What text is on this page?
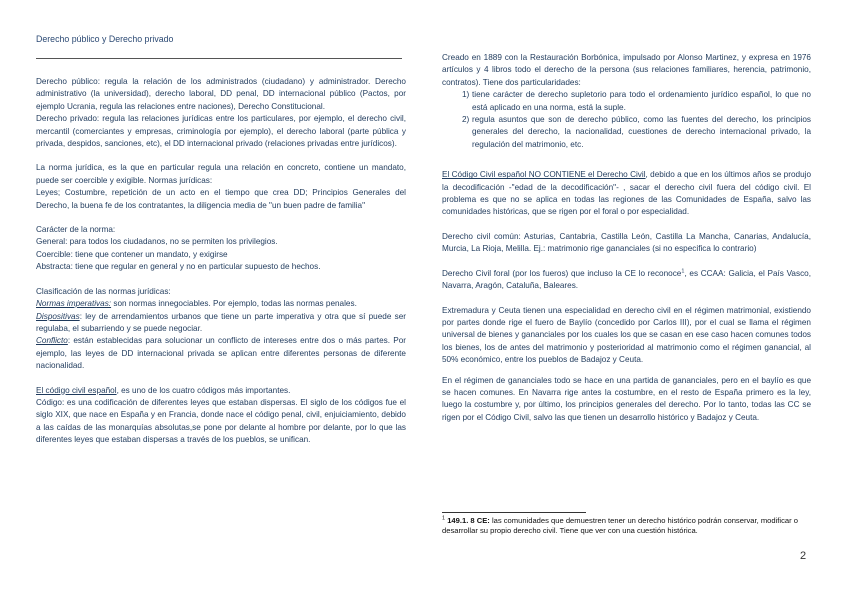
Derecho público y Derecho privado

Derecho público: regula la relación de los administrados (ciudadano) y administrador. Derecho administrativo (la universidad), derecho laboral, DD penal, DD internacional público (Pactos, por ejemplo Ucrania, regula las relaciones entre naciones), Derecho Constitucional.

Derecho privado: regula las relaciones jurídicas entre los particulares, por ejemplo, el derecho civil, mercantil (comerciantes y empresas, criminología por ejemplo), el derecho laboral (parte pública y privada, despidos, sanciones, etc), el DD internacional privado (relaciones privadas entre jurídicos).

La norma jurídica, es la que en particular regula una relación en concreto, contiene un mandato, puede ser coercible y exigible. Normas jurídicas:

Leyes; Costumbre, repetición de un acto en el tiempo que crea DD; Principios Generales del Derecho, la buena fe de los contratantes, la diligencia media de "un buen padre de familia"

Carácter de la norma:

General: para todos los ciudadanos, no se permiten los privilegios.

Coercible: tiene que contener un mandato, y exigirse

Abstracta: tiene que regular en general y no en particular supuesto de hechos.

Clasificación de las normas jurídicas:

Normas imperativas: son normas innegociables. Por ejemplo, todas las normas penales.

Dispositivas: ley de arrendamientos urbanos que tiene un parte imperativa y otra que sí puede ser regulaba, el subarriendo y se puede negociar.

Conflicto: están establecidas para solucionar un conflicto de intereses entre dos o más partes. Por ejemplo, las leyes de DD internacional privada se aplican entre diferentes personas de diferente nacionalidad.

El código civil español, es uno de los cuatro códigos más importantes.

Código: es una codificación de diferentes leyes que estaban dispersas. El siglo de los códigos fue el siglo XIX, que nace en España y en Francia, donde nace el código penal, civil, enjuiciamiento, debido a las caídas de las monarquías absolutas,se pone por delante al hombre por delante, por lo que las diferentes leyes que estaban dispersas a través de los pueblos, se unifican.

Creado en 1889 con la Restauración Borbónica, impulsado por Alonso Martinez, y expresa en 1976 artículos y 4 libros todo el derecho de la persona (sus relaciones familiares, herencia, patrimonio, contratos). Tiene dos particularidades:

1) tiene carácter de derecho supletorio para todo el ordenamiento jurídico español, lo que no está aplicado en una norma, está la suple.
2) regula asuntos que son de derecho público, como las fuentes del derecho, los principios generales del derecho, la nacionalidad, cuestiones de derecho internacional privado, la regulación del matrimonio, etc.

El Código Civil español NO CONTIENE el Derecho Civil, debido a que en los últimos años se produjo la decodificación -"edad de la decodificación"- , sacar el derecho civil fuera del código civil. El problema es que no se aplica en todas las regiones de las Comunidades de España, salvo las comunidades históricas, que se rigen por el foral o por especialidad.

Derecho civil común: Asturias, Cantabria, Castilla León, Castilla La Mancha, Canarias, Andalucía, Murcia, La Rioja, Melilla. Ej.: matrimonio rige gananciales (si no especifica lo contrario)

Derecho Civil foral (por los fueros) que incluso la CE lo reconoce$^1$, es CCAA: Galicia, el País Vasco, Navarra, Aragón, Cataluña, Baleares.

Extremadura y Ceuta tienen una especialidad en derecho civil en el régimen matrimonial, existiendo por partes donde rige el fuero de Baylío (concedido por Carlos III), por el cual se llama el régimen universal de bienes y gananciales por los cuales los que se casan en ese caso hacen comunes todos los bienes, los de antes del matrimonio y posterioridad al matrimonio como el régimen ganancial, al 50% económico, entre los pueblos de Badajoz y Ceuta.

En el régimen de gananciales todo se hace en una partida de gananciales, pero en el baylío es que se hacen comunes. En Navarra rige antes la costumbre, en el resto de España primero es la ley, luego la costumbre y, por último, los principios generales del derecho. Por lo tanto, todas las CC se rigen por el Código Civil, salvo las que tienen un desarrollo histórico y Badajoz y Ceuta.

$^1$ 149.1. 8 CE: las comunidades que demuestren tener un derecho histórico podrán conservar, modificar o desarrollar su propio derecho civil. Tiene que ver con una cuestión histórica.
2
